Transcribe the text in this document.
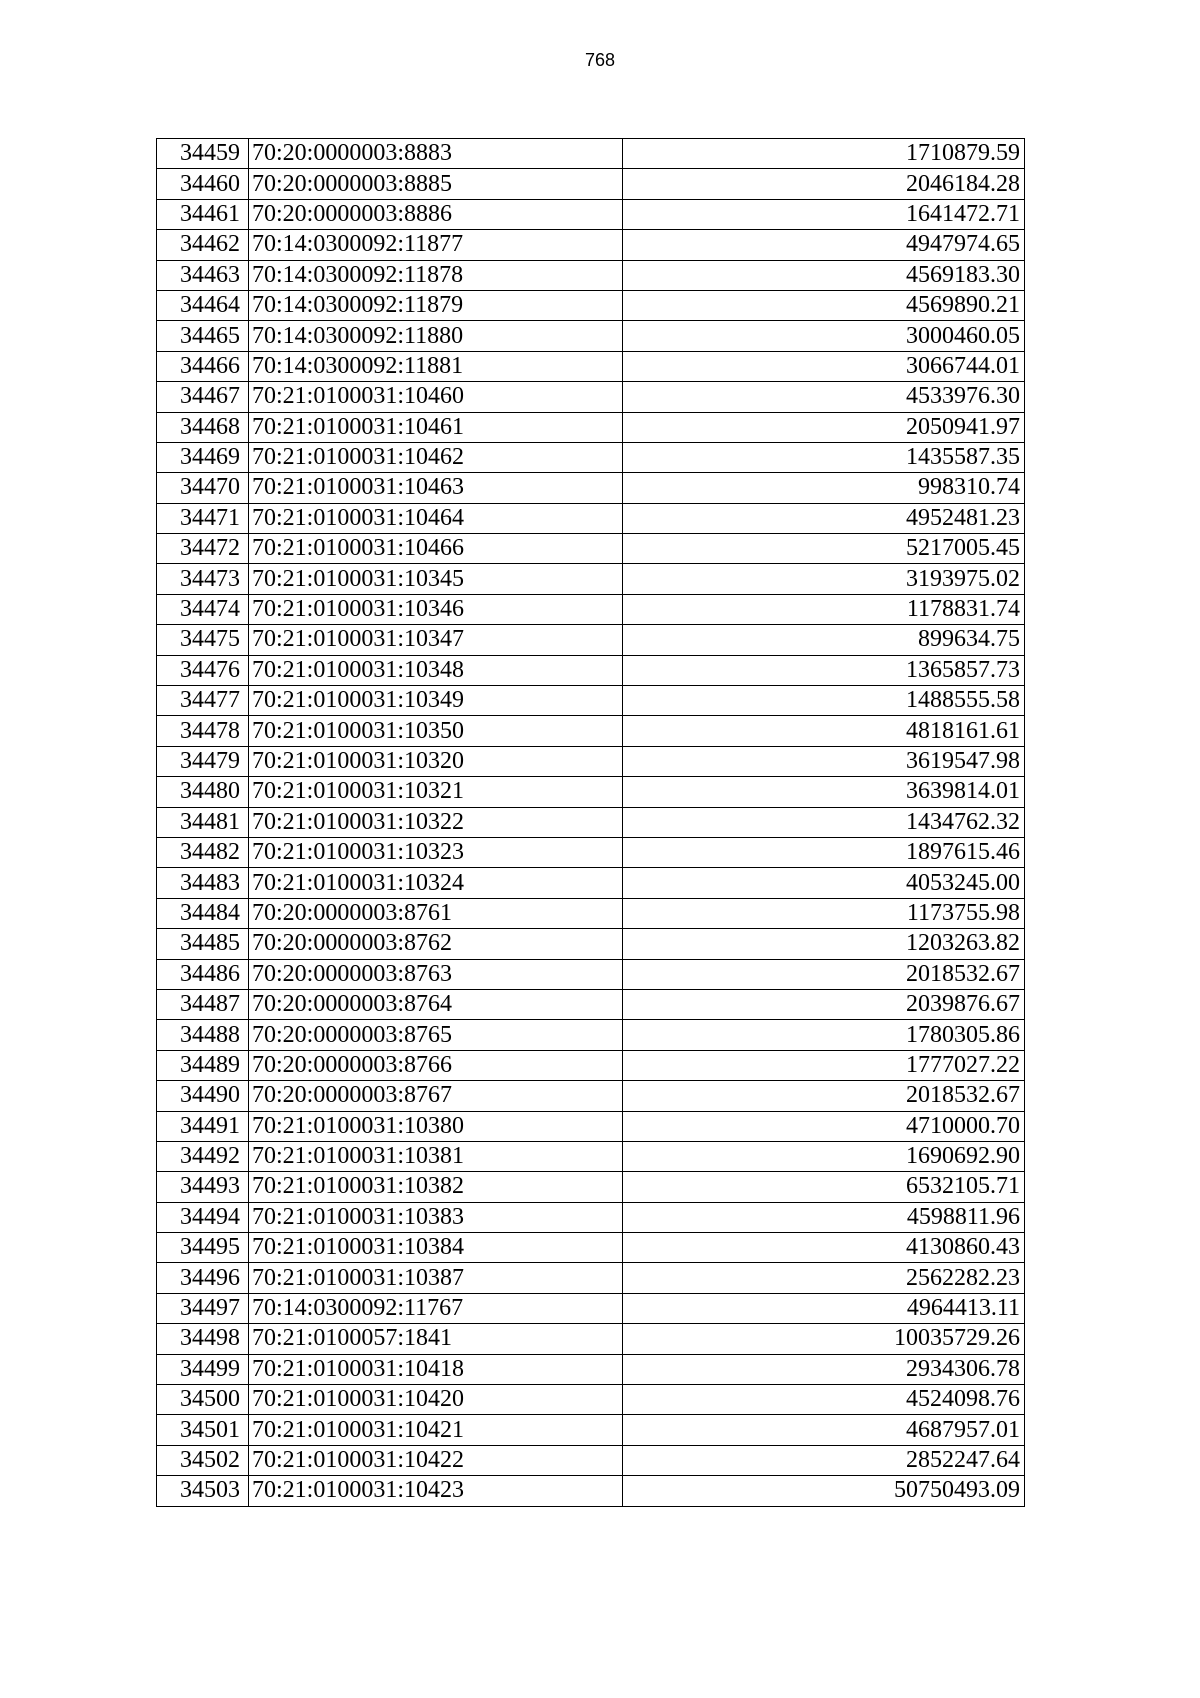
768
34459	70:20:0000003:8883	1710879.59
34460	70:20:0000003:8885	2046184.28
34461	70:20:0000003:8886	1641472.71
34462	70:14:0300092:11877	4947974.65
34463	70:14:0300092:11878	4569183.30
34464	70:14:0300092:11879	4569890.21
34465	70:14:0300092:11880	3000460.05
34466	70:14:0300092:11881	3066744.01
34467	70:21:0100031:10460	4533976.30
34468	70:21:0100031:10461	2050941.97
34469	70:21:0100031:10462	1435587.35
34470	70:21:0100031:10463	998310.74
34471	70:21:0100031:10464	4952481.23
34472	70:21:0100031:10466	5217005.45
34473	70:21:0100031:10345	3193975.02
34474	70:21:0100031:10346	1178831.74
34475	70:21:0100031:10347	899634.75
34476	70:21:0100031:10348	1365857.73
34477	70:21:0100031:10349	1488555.58
34478	70:21:0100031:10350	4818161.61
34479	70:21:0100031:10320	3619547.98
34480	70:21:0100031:10321	3639814.01
34481	70:21:0100031:10322	1434762.32
34482	70:21:0100031:10323	1897615.46
34483	70:21:0100031:10324	4053245.00
34484	70:20:0000003:8761	1173755.98
34485	70:20:0000003:8762	1203263.82
34486	70:20:0000003:8763	2018532.67
34487	70:20:0000003:8764	2039876.67
34488	70:20:0000003:8765	1780305.86
34489	70:20:0000003:8766	1777027.22
34490	70:20:0000003:8767	2018532.67
34491	70:21:0100031:10380	4710000.70
34492	70:21:0100031:10381	1690692.90
34493	70:21:0100031:10382	6532105.71
34494	70:21:0100031:10383	4598811.96
34495	70:21:0100031:10384	4130860.43
34496	70:21:0100031:10387	2562282.23
34497	70:14:0300092:11767	4964413.11
34498	70:21:0100057:1841	10035729.26
34499	70:21:0100031:10418	2934306.78
34500	70:21:0100031:10420	4524098.76
34501	70:21:0100031:10421	4687957.01
34502	70:21:0100031:10422	2852247.64
34503	70:21:0100031:10423	50750493.09
